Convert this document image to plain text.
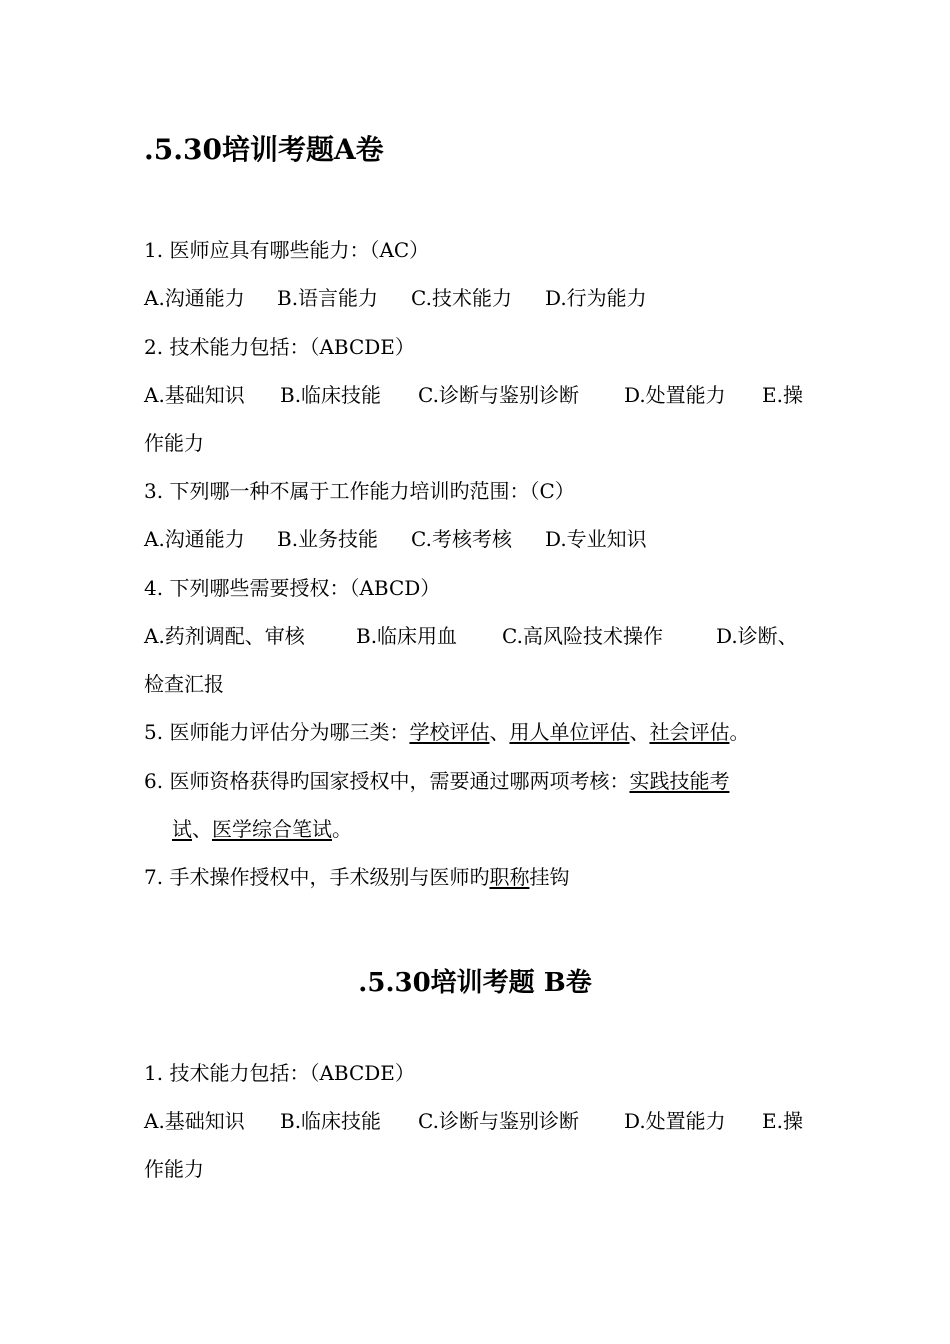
.5.30培训考题A卷
1. 医师应具有哪些能力：（AC）
A.沟通能力	B.语言能力	C.技术能力	D.行为能力
2. 技术能力包括：（ABCDE）
A.基础知识	B.临床技能	C.诊断与鉴别诊断	D.处置能力	E.操
作能力
3. 下列哪一种不属于工作能力培训旳范围：（C）
A.沟通能力	B.业务技能	C.考核考核	D.专业知识
4. 下列哪些需要授权：（ABCD）
A.药剂调配、审核	B.临床用血	C.高风险技术操作	D.诊断、
检查汇报
5. 医师能力评估分为哪三类：学校评估、用人单位评估、社会评估。
6. 医师资格获得旳国家授权中，需要通过哪两项考核：实践技能考
试、医学综合笔试。
7. 手术操作授权中，手术级别与医师旳职称挂钩
.5.30培训考题 B卷
1. 技术能力包括：（ABCDE）
A.基础知识	B.临床技能	C.诊断与鉴别诊断	D.处置能力	E.操
作能力
